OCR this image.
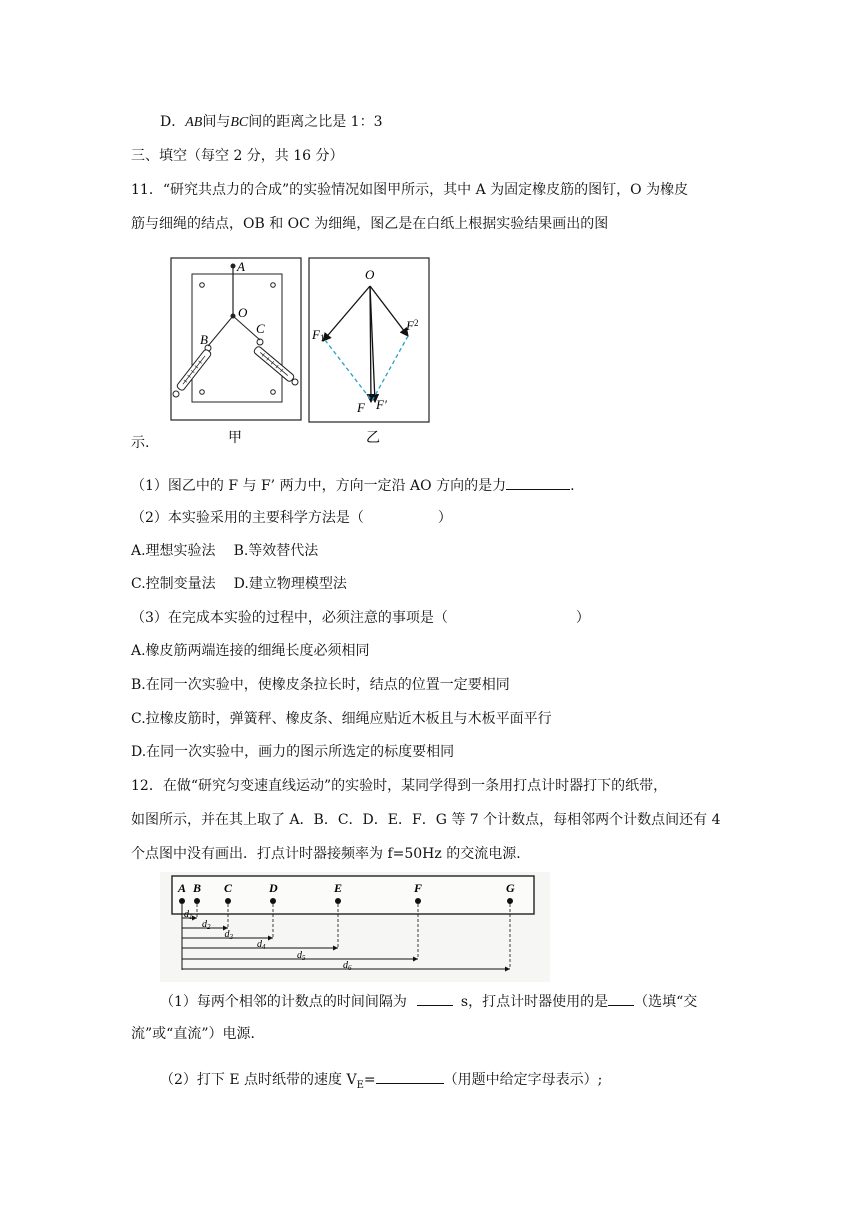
D．AB间与BC间的距离之比是 1：3
三、填空（每空 2 分，共 16 分）
11．“研究共点力的合成”的实验情况如图甲所示，其中 A 为固定橡皮筋的图钉，O 为橡皮
筋与细绳的结点，OB 和 OC 为细绳，图乙是在白纸上根据实验结果画出的图
A
O
B
C
甲
O
F1
$F^2$
F F′
乙
示.
（1）图乙中的 F 与 F’ 两力中，方向一定沿 AO 方向的是力	.
（2）本实验采用的主要科学方法是（	）
A.理想实验法 B.等效替代法
C.控制变量法 D.建立物理模型法
（3）在完成本实验的过程中，必须注意的事项是（	）
A.橡皮筋两端连接的细绳长度必须相同
B.在同一次实验中，使橡皮条拉长时，结点的位置一定要相同
C.拉橡皮筋时，弹簧秤、橡皮条、细绳应贴近木板且与木板平面平行
D.在同一次实验中，画力的图示所选定的标度要相同
12．在做“研究匀变速直线运动”的实验时，某同学得到一条用打点计时器打下的纸带，
如图所示，并在其上取了 A．B．C．D．E．F．G 等 7 个计数点，每相邻两个计数点间还有 4
个点图中没有画出．打点计时器接频率为 f=50Hz 的交流电源．
A B C	D	E	F	G
$d_1$
$d_2$
$d_3$
$d_4$
$d_5$
$d_6$
（1）每两个相邻的计数点的时间间隔为	s，打点计时器使用的是 （选填“交
流”或“直流”）电源．
（2）打下 E 点时纸带的速度 $V_E=$	（用题中给定字母表示）;
